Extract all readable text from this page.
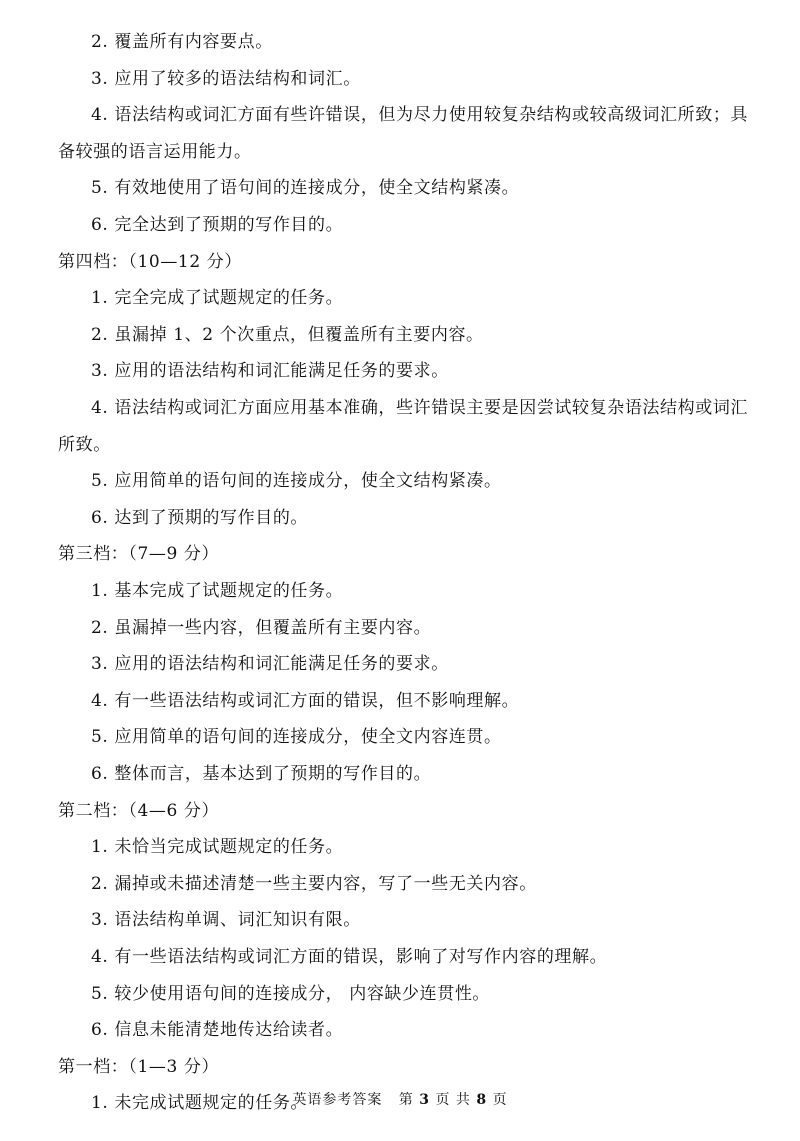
2. 覆盖所有内容要点。
3. 应用了较多的语法结构和词汇。
4. 语法结构或词汇方面有些许错误，但为尽力使用较复杂结构或较高级词汇所致；具
备较强的语言运用能力。
5. 有效地使用了语句间的连接成分，使全文结构紧凑。
6. 完全达到了预期的写作目的。
第四档：（10—12 分）
1. 完全完成了试题规定的任务。
2. 虽漏掉 1、2 个次重点，但覆盖所有主要内容。
3. 应用的语法结构和词汇能满足任务的要求。
4. 语法结构或词汇方面应用基本准确，些许错误主要是因尝试较复杂语法结构或词汇
所致。
5. 应用简单的语句间的连接成分，使全文结构紧凑。
6. 达到了预期的写作目的。
第三档：（7—9 分）
1. 基本完成了试题规定的任务。
2. 虽漏掉一些内容，但覆盖所有主要内容。
3. 应用的语法结构和词汇能满足任务的要求。
4. 有一些语法结构或词汇方面的错误，但不影响理解。
5. 应用简单的语句间的连接成分，使全文内容连贯。
6. 整体而言，基本达到了预期的写作目的。
第二档：（4—6 分）
1. 未恰当完成试题规定的任务。
2. 漏掉或未描述清楚一些主要内容，写了一些无关内容。
3. 语法结构单调、词汇知识有限。
4. 有一些语法结构或词汇方面的错误，影响了对写作内容的理解。
5. 较少使用语句间的连接成分， 内容缺少连贯性。
6. 信息未能清楚地传达给读者。
第一档：（1—3 分）
1. 未完成试题规定的任务。
英语参考答案 第 3 页 共 8 页
